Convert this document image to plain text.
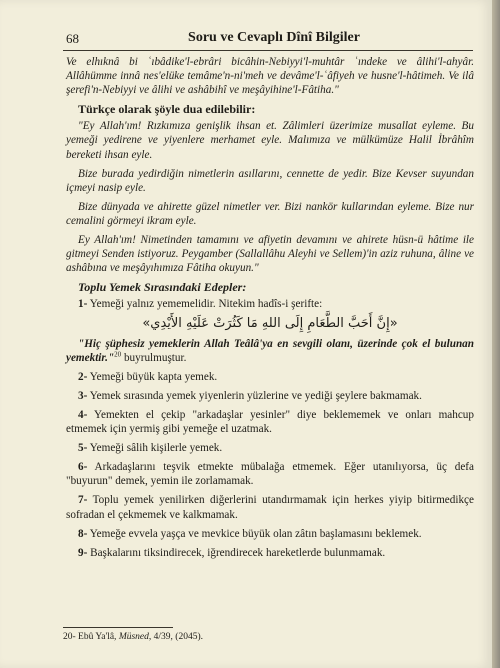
68	Soru ve Cevaplı Dînî Bilgiler

Ve elhıknâ bi ʿıbâdike'l-ebrâri bicâhin-Nebiyyi'l-muhtâr ʿındeke ve âlihi'l-ahyâr. Allâhümme innâ nes'elüke temâme'n-ni'meh ve devâme'l-ʿâfiyeh ve husne'l-hâtimeh. Ve ilâ şerefi'n-Nebiyyi ve âlihi ve ashâbihî ve meşâyihine'l-Fâtiha."

Türkçe olarak şöyle dua edilebilir:

"Ey Allah'ım! Rızkımıza genişlik ihsan et. Zâlimleri üzerimize musallat eyleme. Bu yemeği yedirene ve yiyenlere merhamet eyle. Malımıza ve mülkümüze Halil İbrâhîm bereketi ihsan eyle.

Bize burada yedirdiğin nimetlerin asıllarını, cennette de yedir. Bize Kevser suyundan içmeyi nasip eyle.

Bize dünyada ve ahirette güzel nimetler ver. Bizi nankör kullarından eyleme. Bize nur cemalini görmeyi ikram eyle.

Ey Allah'ım! Nimetinden tamamını ve afiyetin devamını ve ahirete hüsn-ü hâtime ile gitmeyi Senden istiyoruz. Peygamber (Sallallâhu Aleyhi ve Sellem)'in aziz ruhuna, âline ve ashâbına ve meşâyıhımıza Fâtiha okuyun."

Toplu Yemek Sırasındaki Edepler:

1- Yemeği yalnız yememelidir. Nitekim hadîs-i şerifte:

«إِنَّ أَحَبَّ الطَّعَامِ إِلَى اللهِ مَا كَثُرَتْ عَلَيْهِ الأَيْدِي»

"Hiç şüphesiz yemeklerin Allah Teâlâ'ya en sevgili olanı, üzerinde çok el bulunan yemektir."$^{20}$ buyrulmuştur.

2- Yemeği büyük kapta yemek.

3- Yemek sırasında yemek yiyenlerin yüzlerine ve yediği şeylere bakmamak.

4- Yemekten el çekip "arkadaşlar yesinler" diye beklememek ve onları mahcup etmemek için yermiş gibi yemeğe el uzatmak.

5- Yemeği sâlih kişilerle yemek.

6- Arkadaşlarını teşvik etmekte mübalağa etmemek. Eğer utanılıyorsa, üç defa "buyurun" demek, yemin ile zorlamamak.

7- Toplu yemek yenilirken diğerlerini utandırmamak için herkes yiyip bitirmedikçe sofradan el çekmemek ve kalkmamak.

8- Yemeğe evvela yaşça ve mevkice büyük olan zâtın başlamasını beklemek.

9- Başkalarını tiksindirecek, iğrendirecek hareketlerde bulunmamak.

20- Ebû Ya'lâ, Müsned, 4/39, (2045).
